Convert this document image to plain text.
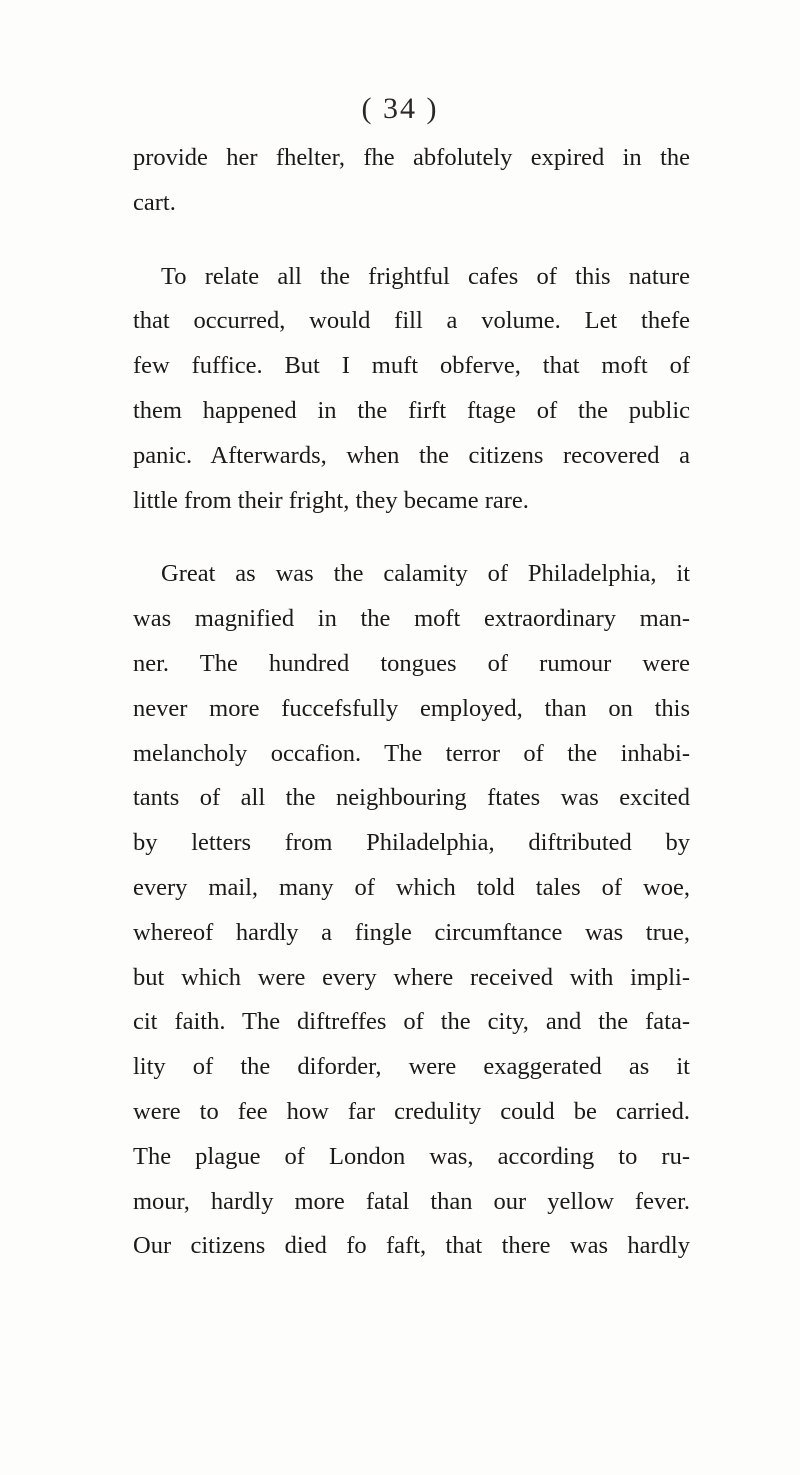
( 34 )
provide her fhelter, fhe abfolutely expired in the
cart.
To relate all the frightful cafes of this nature
that occurred, would fill a volume. Let thefe
few fuffice. But I muft obferve, that moft of
them happened in the firft ftage of the public
panic. Afterwards, when the citizens recovered a
little from their fright, they became rare.
Great as was the calamity of Philadelphia, it
was magnified in the moft extraordinary man-
ner. The hundred tongues of rumour were
never more fuccefsfully employed, than on this
melancholy occafion. The terror of the inhabi-
tants of all the neighbouring ftates was excited
by letters from Philadelphia, diftributed by
every mail, many of which told tales of woe,
whereof hardly a fingle circumftance was true,
but which were every where received with impli-
cit faith. The diftreffes of the city, and the fata-
lity of the diforder, were exaggerated as it
were to fee how far credulity could be carried.
The plague of London was, according to ru-
mour, hardly more fatal than our yellow fever.
Our citizens died fo faft, that there was hardly
